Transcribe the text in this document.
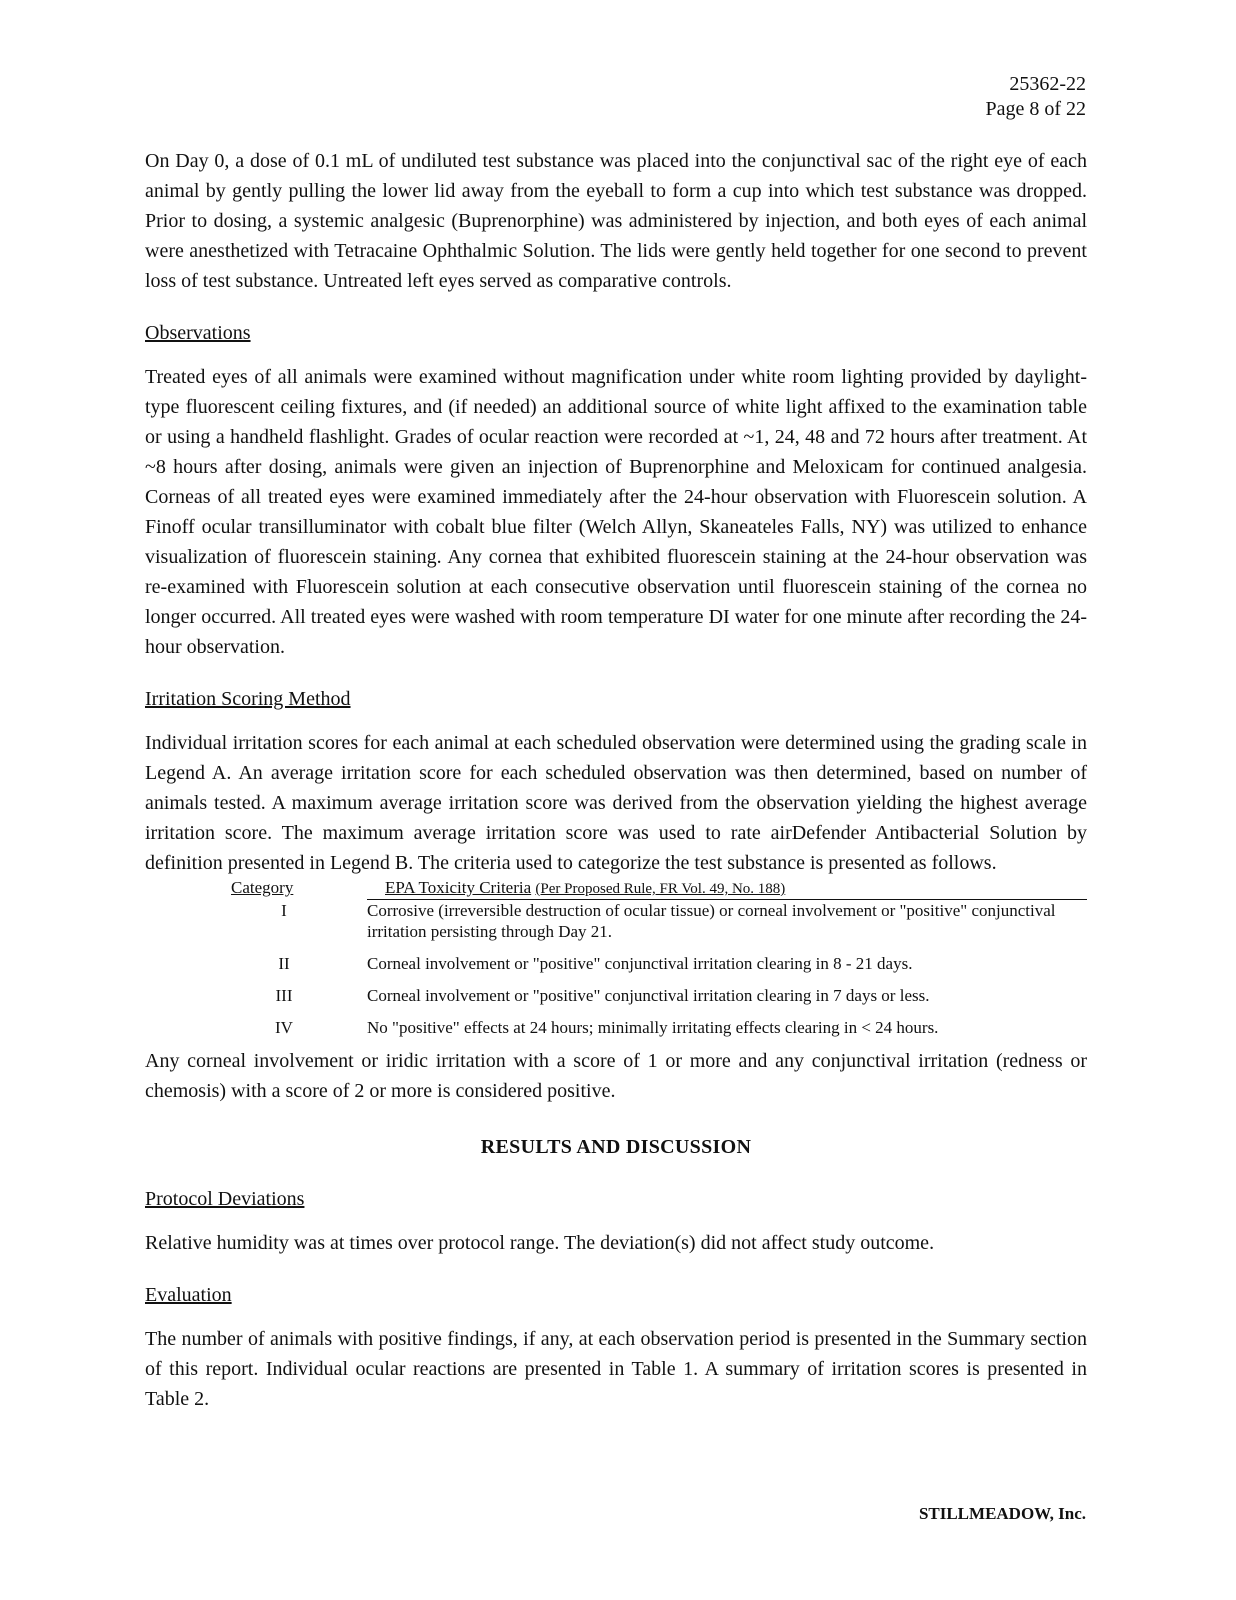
25362-22
Page 8 of 22

On Day 0, a dose of 0.1 mL of undiluted test substance was placed into the conjunctival sac of the right eye of each animal by gently pulling the lower lid away from the eyeball to form a cup into which test substance was dropped. Prior to dosing, a systemic analgesic (Buprenorphine) was administered by injection, and both eyes of each animal were anesthetized with Tetracaine Ophthalmic Solution. The lids were gently held together for one second to prevent loss of test substance. Untreated left eyes served as comparative controls.

Observations

Treated eyes of all animals were examined without magnification under white room lighting provided by daylight-type fluorescent ceiling fixtures, and (if needed) an additional source of white light affixed to the examination table or using a handheld flashlight. Grades of ocular reaction were recorded at ~1, 24, 48 and 72 hours after treatment. At ~8 hours after dosing, animals were given an injection of Buprenorphine and Meloxicam for continued analgesia. Corneas of all treated eyes were examined immediately after the 24-hour observation with Fluorescein solution. A Finoff ocular transilluminator with cobalt blue filter (Welch Allyn, Skaneateles Falls, NY) was utilized to enhance visualization of fluorescein staining. Any cornea that exhibited fluorescein staining at the 24-hour observation was re-examined with Fluorescein solution at each consecutive observation until fluorescein staining of the cornea no longer occurred. All treated eyes were washed with room temperature DI water for one minute after recording the 24-hour observation.

Irritation Scoring Method

Individual irritation scores for each animal at each scheduled observation were determined using the grading scale in Legend A. An average irritation score for each scheduled observation was then determined, based on number of animals tested. A maximum average irritation score was derived from the observation yielding the highest average irritation score. The maximum average irritation score was used to rate airDefender Antibacterial Solution by definition presented in Legend B. The criteria used to categorize the test substance is presented as follows.

Category	EPA Toxicity Criteria (Per Proposed Rule, FR Vol. 49, No. 188)
I	Corrosive (irreversible destruction of ocular tissue) or corneal involvement or "positive" conjunctival irritation persisting through Day 21.
II	Corneal involvement or "positive" conjunctival irritation clearing in 8 - 21 days.
III	Corneal involvement or "positive" conjunctival irritation clearing in 7 days or less.
IV	No "positive" effects at 24 hours; minimally irritating effects clearing in < 24 hours.

Any corneal involvement or iridic irritation with a score of 1 or more and any conjunctival irritation (redness or chemosis) with a score of 2 or more is considered positive.

RESULTS AND DISCUSSION

Protocol Deviations

Relative humidity was at times over protocol range. The deviation(s) did not affect study outcome.

Evaluation

The number of animals with positive findings, if any, at each observation period is presented in the Summary section of this report. Individual ocular reactions are presented in Table 1. A summary of irritation scores is presented in Table 2.

STILLMEADOW, Inc.
